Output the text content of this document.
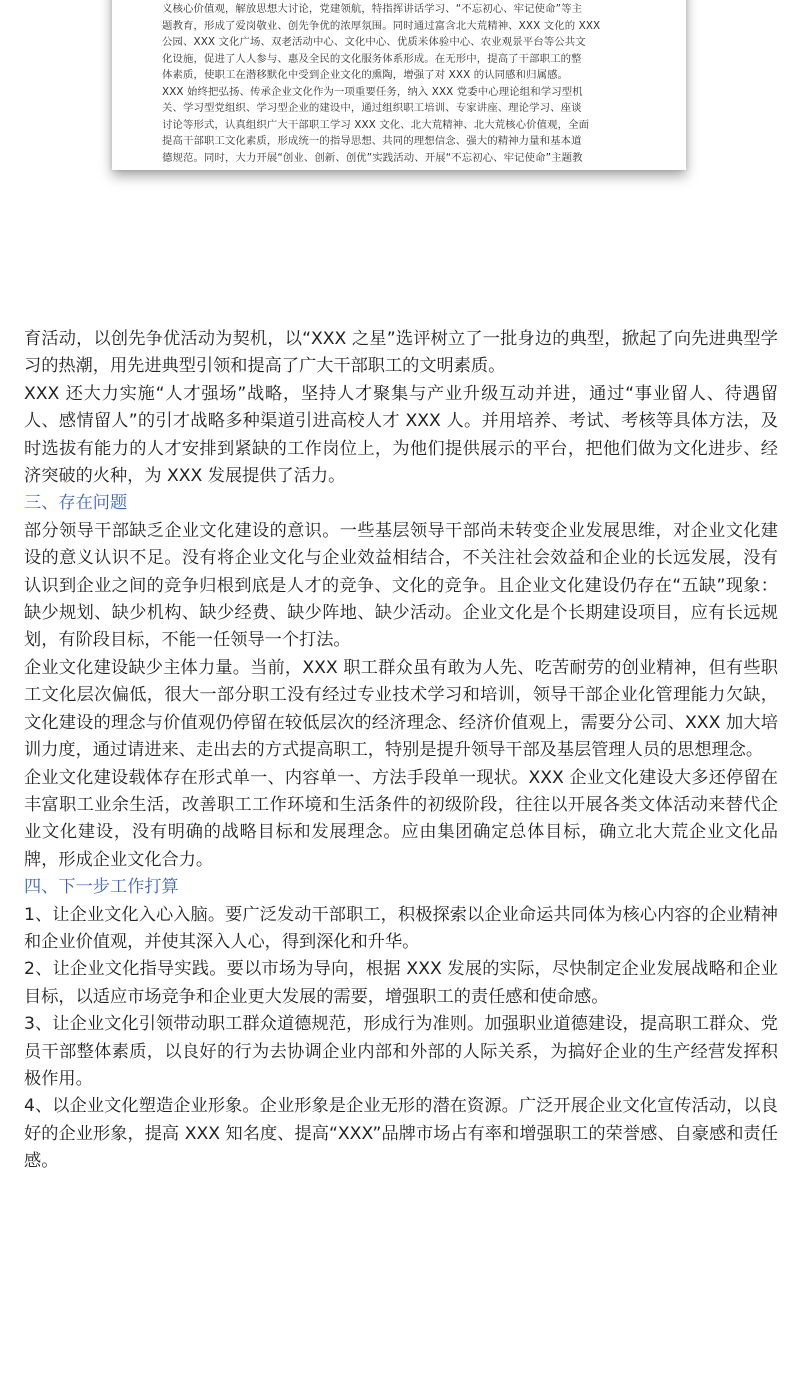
义核心价值观，解放思想大讨论，党建领航，特指挥讲话学习、“不忘初心、牢记使命”等主

题教育，形成了爱岗敬业、创先争优的浓厚氛围。同时通过富含北大荒精神、XXX 文化的 XXX

公园、XXX 文化广场、双老活动中心、文化中心、优质米体验中心、农业观景平台等公共文

化设施，促进了人人参与、惠及全民的文化服务体系形成。在无形中，提高了干部职工的整

体素质，使职工在潜移默化中受到企业文化的熏陶，增强了对 XXX 的认同感和归属感。

XXX 始终把弘扬、传承企业文化作为一项重要任务，纳入 XXX 党委中心理论组和学习型机

关、学习型党组织、学习型企业的建设中，通过组织职工培训、专家讲座、理论学习、座谈

讨论等形式，认真组织广大干部职工学习 XXX 文化、北大荒精神、北大荒核心价值观，全面

提高干部职工文化素质，形成统一的指导思想、共同的理想信念、强大的精神力量和基本道

德规范。同时，大力开展“创业、创新、创优”实践活动、开展“不忘初心、牢记使命”主题教

育活动，以创先争优活动为契机，以“XXX 之星”选评树立了一批身边的典型，掀起了向先进典型学习的热潮，用先进典型引领和提高了广大干部职工的文明素质。

XXX 还大力实施“人才强场”战略，坚持人才聚集与产业升级互动并进，通过“事业留人、待遇留人、感情留人”的引才战略多种渠道引进高校人才 XXX 人。并用培养、考试、考核等具体方法，及时选拔有能力的人才安排到紧缺的工作岗位上，为他们提供展示的平台，把他们做为文化进步、经济突破的火种，为 XXX 发展提供了活力。

三、存在问题

部分领导干部缺乏企业文化建设的意识。一些基层领导干部尚未转变企业发展思维，对企业文化建设的意义认识不足。没有将企业文化与企业效益相结合，不关注社会效益和企业的长远发展，没有认识到企业之间的竞争归根到底是人才的竞争、文化的竞争。且企业文化建设仍存在“五缺”现象：缺少规划、缺少机构、缺少经费、缺少阵地、缺少活动。企业文化是个长期建设项目，应有长远规划，有阶段目标，不能一任领导一个打法。

企业文化建设缺少主体力量。当前，XXX 职工群众虽有敢为人先、吃苦耐劳的创业精神，但有些职工文化层次偏低，很大一部分职工没有经过专业技术学习和培训，领导干部企业化管理能力欠缺，文化建设的理念与价值观仍停留在较低层次的经济理念、经济价值观上，需要分公司、XXX 加大培训力度，通过请进来、走出去的方式提高职工，特别是提升领导干部及基层管理人员的思想理念。

企业文化建设载体存在形式单一、内容单一、方法手段单一现状。XXX 企业文化建设大多还停留在丰富职工业余生活，改善职工工作环境和生活条件的初级阶段，往往以开展各类文体活动来替代企业文化建设，没有明确的战略目标和发展理念。应由集团确定总体目标，确立北大荒企业文化品牌，形成企业文化合力。

四、下一步工作打算

1、让企业文化入心入脑。要广泛发动干部职工，积极探索以企业命运共同体为核心内容的企业精神和企业价值观，并使其深入人心，得到深化和升华。

2、让企业文化指导实践。要以市场为导向，根据 XXX 发展的实际，尽快制定企业发展战略和企业目标，以适应市场竞争和企业更大发展的需要，增强职工的责任感和使命感。

3、让企业文化引领带动职工群众道德规范，形成行为准则。加强职业道德建设，提高职工群众、党员干部整体素质，以良好的行为去协调企业内部和外部的人际关系，为搞好企业的生产经营发挥积极作用。

4、以企业文化塑造企业形象。企业形象是企业无形的潜在资源。广泛开展企业文化宣传活动，以良好的企业形象，提高 XXX 知名度、提高“XXX”品牌市场占有率和增强职工的荣誉感、自豪感和责任感。
